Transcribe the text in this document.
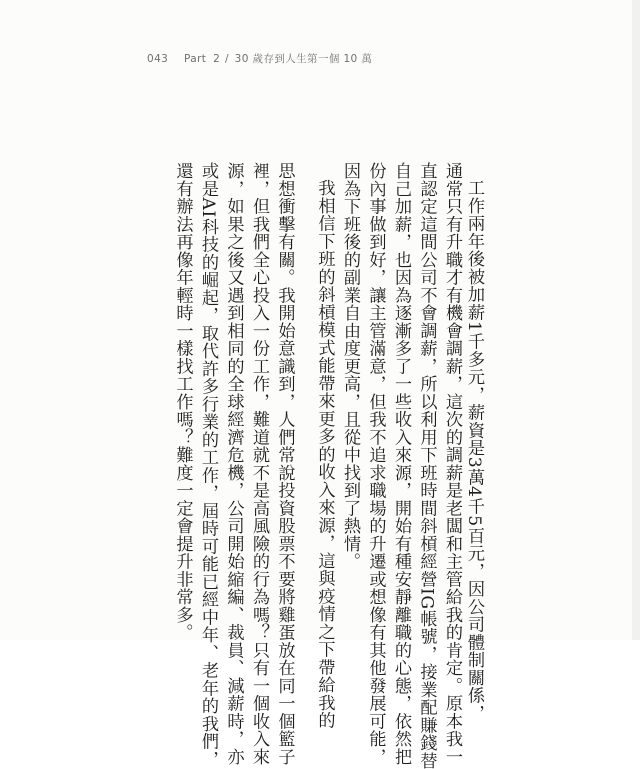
043 Part 2 / 30 歲存到人生第一個 10 萬
工作兩年後被加薪1千多元，薪資是3萬4千5百元，因公司體制關係，
通常只有升職才有機會調薪，這次的調薪是老闆和主管給我的肯定。原本我一
直認定這間公司不會調薪，所以利用下班時間斜槓經營IG帳號，接業配賺錢替
自己加薪，也因為逐漸多了一些收入來源，開始有種安靜離職的心態，依然把
份內事做到好，讓主管滿意，但我不追求職場的升遷或想像有其他發展可能，
因為下班後的副業自由度更高，且從中找到了熱情。
我相信下班的斜槓模式能帶來更多的收入來源，這與疫情之下帶給我的
思想衝擊有關。我開始意識到，人們常說投資股票不要將雞蛋放在同一個籃子
裡，但我們全心投入一份工作，難道就不是高風險的行為嗎？只有一個收入來
源，如果之後又遇到相同的全球經濟危機，公司開始縮編、裁員、減薪時，亦
或是AI科技的崛起，取代許多行業的工作，屆時可能已經中年、老年的我們，
還有辦法再像年輕時一樣找工作嗎？難度一定會提升非常多。
